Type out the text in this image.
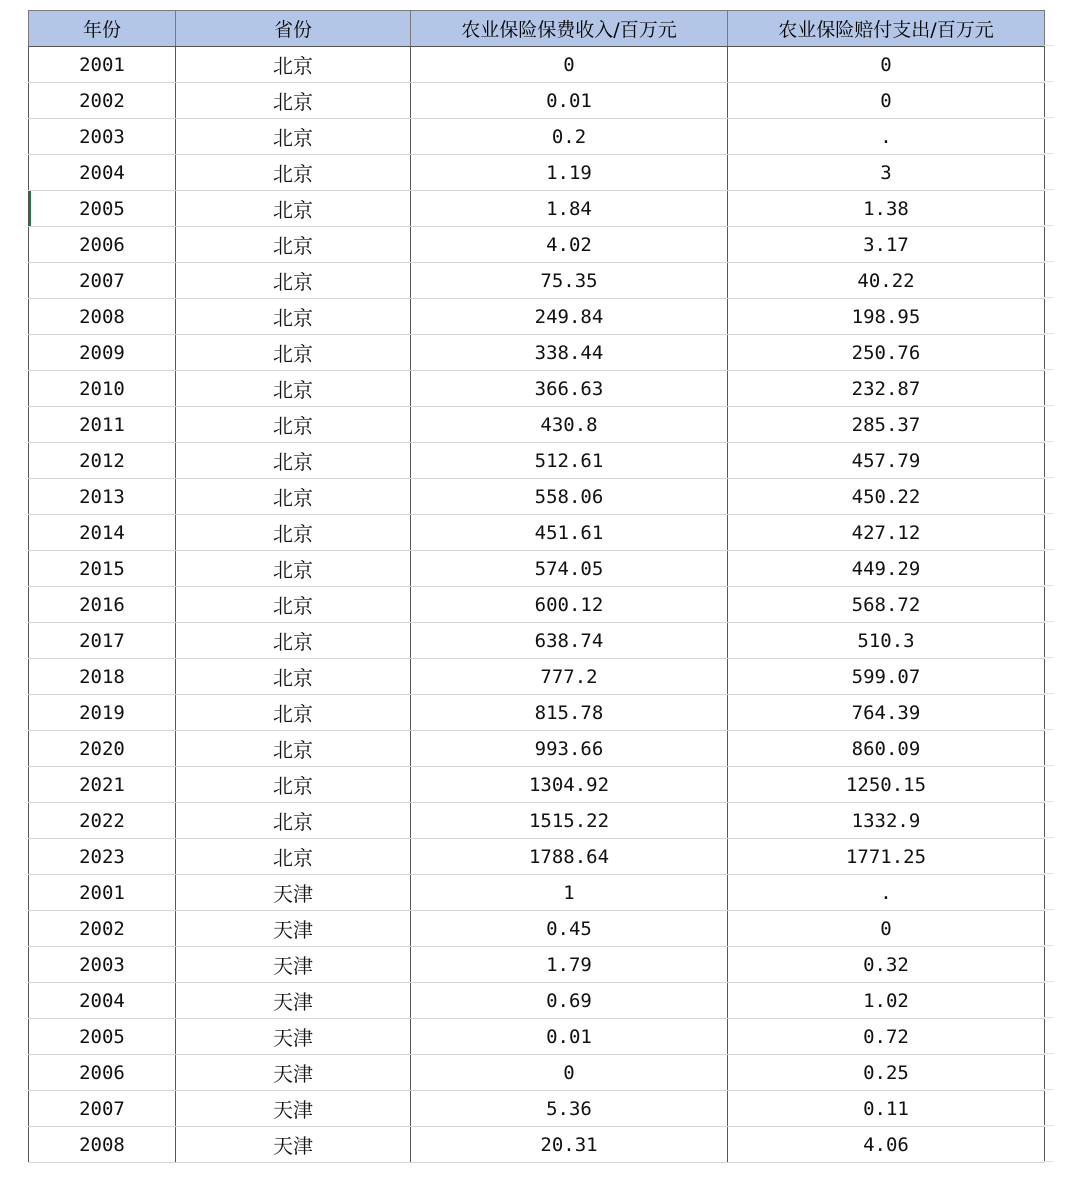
年份	省份	农业保险保费收入/百万元	农业保险赔付支出/百万元
2001	北京	0	0
2002	北京	0.01	0
2003	北京	0.2	.
2004	北京	1.19	3
2005	北京	1.84	1.38
2006	北京	4.02	3.17
2007	北京	75.35	40.22
2008	北京	249.84	198.95
2009	北京	338.44	250.76
2010	北京	366.63	232.87
2011	北京	430.8	285.37
2012	北京	512.61	457.79
2013	北京	558.06	450.22
2014	北京	451.61	427.12
2015	北京	574.05	449.29
2016	北京	600.12	568.72
2017	北京	638.74	510.3
2018	北京	777.2	599.07
2019	北京	815.78	764.39
2020	北京	993.66	860.09
2021	北京	1304.92	1250.15
2022	北京	1515.22	1332.9
2023	北京	1788.64	1771.25
2001	天津	1	.
2002	天津	0.45	0
2003	天津	1.79	0.32
2004	天津	0.69	1.02
2005	天津	0.01	0.72
2006	天津	0	0.25
2007	天津	5.36	0.11
2008	天津	20.31	4.06
